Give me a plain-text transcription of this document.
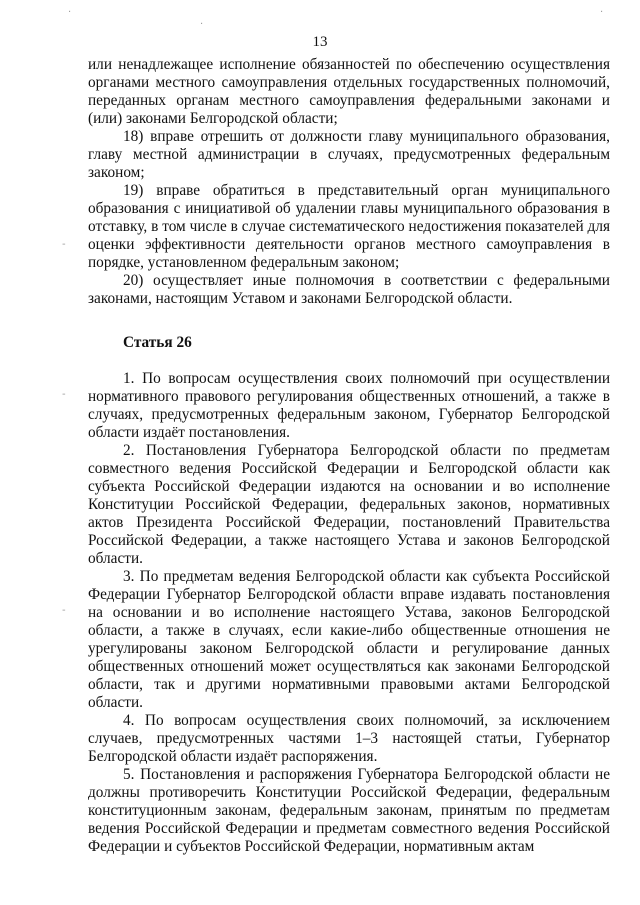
·
·
·
-
-
-
13

или ненадлежащее исполнение обязанностей по обеспечению осуществления органами местного самоуправления отдельных государственных полномочий, переданных органам местного самоуправления федеральными законами и (или) законами Белгородской области;

18) вправе отрешить от должности главу муниципального образования, главу местной администрации в случаях, предусмотренных федеральным законом;

19) вправе обратиться в представительный орган муниципального образования с инициативой об удалении главы муниципального образования в отставку, в том числе в случае систематического недостижения показателей для оценки эффективности деятельности органов местного самоуправления в порядке, установленном федеральным законом;

20) осуществляет иные полномочия в соответствии с федеральными законами, настоящим Уставом и законами Белгородской области.

Статья 26

1. По вопросам осуществления своих полномочий при осуществлении нормативного правового регулирования общественных отношений, а также в случаях, предусмотренных федеральным законом, Губернатор Белгородской области издаёт постановления.

2. Постановления Губернатора Белгородской области по предметам совместного ведения Российской Федерации и Белгородской области как субъекта Российской Федерации издаются на основании и во исполнение Конституции Российской Федерации, федеральных законов, нормативных актов Президента Российской Федерации, постановлений Правительства Российской Федерации, а также настоящего Устава и законов Белгородской области.

3. По предметам ведения Белгородской области как субъекта Российской Федерации Губернатор Белгородской области вправе издавать постановления на основании и во исполнение настоящего Устава, законов Белгородской области, а также в случаях, если какие-либо общественные отношения не урегулированы законом Белгородской области и регулирование данных общественных отношений может осуществляться как законами Белгородской области, так и другими нормативными правовыми актами Белгородской области.

4. По вопросам осуществления своих полномочий, за исключением случаев, предусмотренных частями 1–3 настоящей статьи, Губернатор Белгородской области издаёт распоряжения.

5. Постановления и распоряжения Губернатора Белгородской области не должны противоречить Конституции Российской Федерации, федеральным конституционным законам, федеральным законам, принятым по предметам ведения Российской Федерации и предметам совместного ведения Российской Федерации и субъектов Российской Федерации, нормативным актам
